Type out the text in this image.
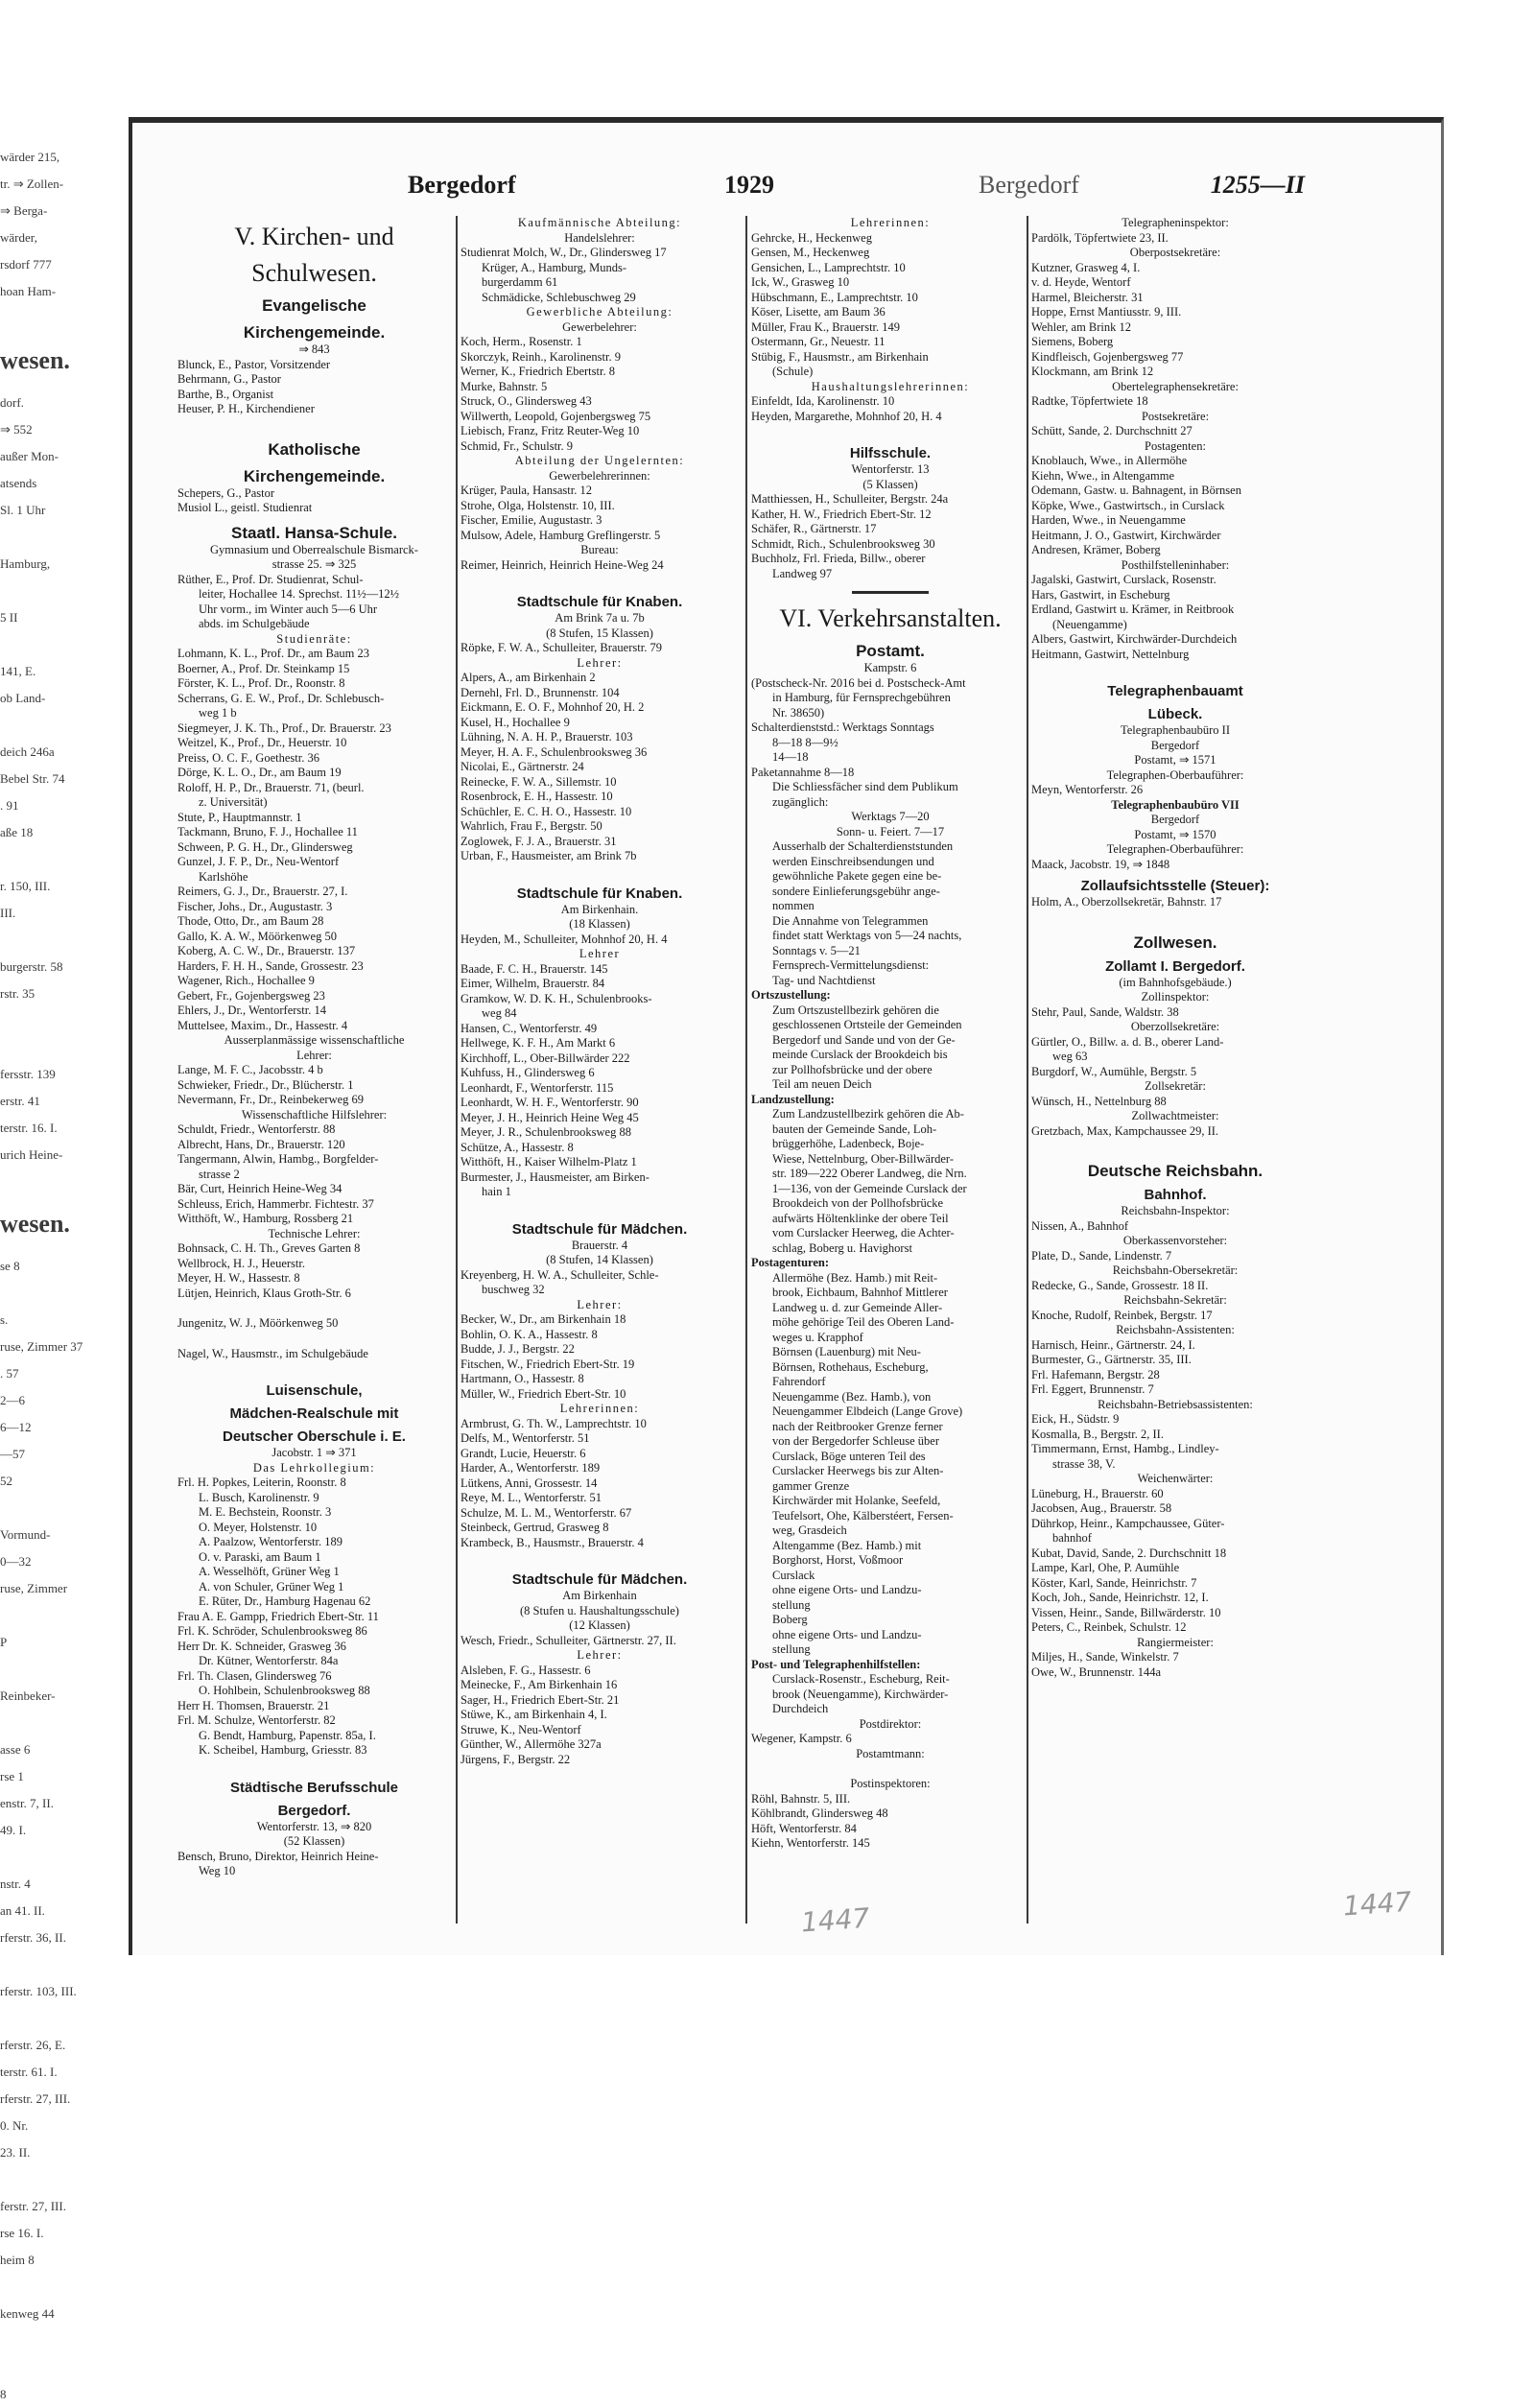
wärder 215,
tr. ⇒ Zollen-
⇒ Berga-
wärder,
rsdorf 777
hoan Ham-

wesen.
dorf.
⇒ 552
außer Mon-
atsends
Sl. 1 Uhr

Hamburg,

5 II

141, E.
ob Land-

deich 246a
Bebel Str. 74
. 91
aße 18

r. 150, III.
III.

burgerstr. 58
rstr. 35

fersstr. 139
erstr. 41
terstr. 16. I.
urich Heine-

wesen.
se 8

s.
ruse, Zimmer 37
. 57
2—6
6—12
—57
52

Vormund-
0—32
ruse, Zimmer

P

Reinbeker-

asse 6
rse 1
enstr. 7, II.
49. I.

nstr. 4
an 41. II.
rferstr. 36, II.

rferstr. 103, III.

rferstr. 26, E.
terstr. 61. I.
rferstr. 27, III.
0. Nr.
23. II.

ferstr. 27, III.
rse 16. I.
heim 8

kenweg 44

8
Bergedorf	1929	Bergedorf	1255—II
V. Kirchen- und
Schulwesen.
Evangelische
Kirchengemeinde.
⇒ 843
Blunck, E., Pastor, Vorsitzender
Behrmann, G., Pastor
Barthe, B., Organist
Heuser, P. H., Kirchendiener
Katholische
Kirchengemeinde.
Schepers, G., Pastor
Musiol L., geistl. Studienrat
Staatl. Hansa-Schule.
Gymnasium und Oberrealschule Bismarck-
strasse 25. ⇒ 325
Rüther, E., Prof. Dr. Studienrat, Schul-
leiter, Hochallee 14. Sprechst. 11½—12½
Uhr vorm., im Winter auch 5—6 Uhr
abds. im Schulgebäude
Studienräte:
Lohmann, K. L., Prof. Dr., am Baum 23
Boerner, A., Prof. Dr. Steinkamp 15
Förster, K. L., Prof. Dr., Roonstr. 8
Scherrans, G. E. W., Prof., Dr. Schlebusch-
weg 1 b
Siegmeyer, J. K. Th., Prof., Dr. Brauerstr. 23
Weitzel, K., Prof., Dr., Heuerstr. 10
Preiss, O. C. F., Goethestr. 36
Dörge, K. L. O., Dr., am Baum 19
Roloff, H. P., Dr., Brauerstr. 71, (beurl.
z. Universität)
Stute, P., Hauptmannstr. 1
Tackmann, Bruno, F. J., Hochallee 11
Schween, P. G. H., Dr., Glindersweg
Gunzel, J. F. P., Dr., Neu-Wentorf
Karlshöhe
Reimers, G. J., Dr., Brauerstr. 27, I.
Fischer, Johs., Dr., Augustastr. 3
Thode, Otto, Dr., am Baum 28
Gallo, K. A. W., Möörkenweg 50
Koberg, A. C. W., Dr., Brauerstr. 137
Harders, F. H. H., Sande, Grossestr. 23
Wagener, Rich., Hochallee 9
Gebert, Fr., Gojenbergsweg 23
Ehlers, J., Dr., Wentorferstr. 14
Muttelsee, Maxim., Dr., Hassestr. 4
Ausserplanmässige wissenschaftliche
Lehrer:
Lange, M. F. C., Jacobsstr. 4 b
Schwieker, Friedr., Dr., Blücherstr. 1
Nevermann, Fr., Dr., Reinbekerweg 69
Wissenschaftliche Hilfslehrer:
Schuldt, Friedr., Wentorferstr. 88
Albrecht, Hans, Dr., Brauerstr. 120
Tangermann, Alwin, Hambg., Borgfelder-
strasse 2
Bär, Curt, Heinrich Heine-Weg 34
Schleuss, Erich, Hammerbr. Fichtestr. 37
Witthöft, W., Hamburg, Rossberg 21
Technische Lehrer:
Bohnsack, C. H. Th., Greves Garten 8
Wellbrock, H. J., Heuerstr.
Meyer, H. W., Hassestr. 8
Lütjen, Heinrich, Klaus Groth-Str. 6
Jungenitz, W. J., Möörkenweg 50
Nagel, W., Hausmstr., im Schulgebäude
Luisenschule,
Mädchen-Realschule mit
Deutscher Oberschule i. E.
Jacobstr. 1 ⇒ 371
Das Lehrkollegium:
Frl. H. Popkes, Leiterin, Roonstr. 8
L. Busch, Karolinenstr. 9
M. E. Bechstein, Roonstr. 3
O. Meyer, Holstenstr. 10
A. Paalzow, Wentorferstr. 189
O. v. Paraski, am Baum 1
A. Wesselhöft, Grüner Weg 1
A. von Schuler, Grüner Weg 1
E. Rüter, Dr., Hamburg Hagenau 62
Frau A. E. Gampp, Friedrich Ebert-Str. 11
Frl. K. Schröder, Schulenbrooksweg 86
Herr Dr. K. Schneider, Grasweg 36
Dr. Kütner, Wentorferstr. 84a
Frl. Th. Clasen, Glindersweg 76
O. Hohlbein, Schulenbrooksweg 88
Herr H. Thomsen, Brauerstr. 21
Frl. M. Schulze, Wentorferstr. 82
G. Bendt, Hamburg, Papenstr. 85a, I.
K. Scheibel, Hamburg, Griesstr. 83
Städtische Berufsschule
Bergedorf.
Wentorferstr. 13, ⇒ 820
(52 Klassen)
Bensch, Bruno, Direktor, Heinrich Heine-
Weg 10
Kaufmännische Abteilung:
Handelslehrer:
Studienrat Molch, W., Dr., Glindersweg 17
Krüger, A., Hamburg, Munds-
burgerdamm 61
Schmädicke, Schlebuschweg 29
Gewerbliche Abteilung:
Gewerbelehrer:
Koch, Herm., Rosenstr. 1
Skorczyk, Reinh., Karolinenstr. 9
Werner, K., Friedrich Ebertstr. 8
Murke, Bahnstr. 5
Struck, O., Glindersweg 43
Willwerth, Leopold, Gojenbergsweg 75
Liebisch, Franz, Fritz Reuter-Weg 10
Schmid, Fr., Schulstr. 9
Abteilung der Ungelernten:
Gewerbelehrerinnen:
Krüger, Paula, Hansastr. 12
Strohe, Olga, Holstenstr. 10, III.
Fischer, Emilie, Augustastr. 3
Mulsow, Adele, Hamburg Greflingerstr. 5
Bureau:
Reimer, Heinrich, Heinrich Heine-Weg 24
Stadtschule für Knaben.
Am Brink 7a u. 7b
(8 Stufen, 15 Klassen)
Röpke, F. W. A., Schulleiter, Brauerstr. 79
Lehrer:
Alpers, A., am Birkenhain 2
Dernehl, Frl. D., Brunnenstr. 104
Eickmann, E. O. F., Mohnhof 20, H. 2
Kusel, H., Hochallee 9
Lühning, N. A. H. P., Brauerstr. 103
Meyer, H. A. F., Schulenbrooksweg 36
Nicolai, E., Gärtnerstr. 24
Reinecke, F. W. A., Sillemstr. 10
Rosenbrock, E. H., Hassestr. 10
Schüchler, E. C. H. O., Hassestr. 10
Wahrlich, Frau F., Bergstr. 50
Zoglowek, F. J. A., Brauerstr. 31
Urban, F., Hausmeister, am Brink 7b
Stadtschule für Knaben.
Am Birkenhain.
(18 Klassen)
Heyden, M., Schulleiter, Mohnhof 20, H. 4
Lehrer
Baade, F. C. H., Brauerstr. 145
Eimer, Wilhelm, Brauerstr. 84
Gramkow, W. D. K. H., Schulenbrooks-
weg 84
Hansen, C., Wentorferstr. 49
Hellwege, K. F. H., Am Markt 6
Kirchhoff, L., Ober-Billwärder 222
Kuhfuss, H., Glindersweg 6
Leonhardt, F., Wentorferstr. 115
Leonhardt, W. H. F., Wentorferstr. 90
Meyer, J. H., Heinrich Heine Weg 45
Meyer, J. R., Schulenbrooksweg 88
Schütze, A., Hassestr. 8
Witthöft, H., Kaiser Wilhelm-Platz 1
Burmester, J., Hausmeister, am Birken-
hain 1
Stadtschule für Mädchen.
Brauerstr. 4
(8 Stufen, 14 Klassen)
Kreyenberg, H. W. A., Schulleiter, Schle-
buschweg 32
Lehrer:
Becker, W., Dr., am Birkenhain 18
Bohlin, O. K. A., Hassestr. 8
Budde, J. J., Bergstr. 22
Fitschen, W., Friedrich Ebert-Str. 19
Hartmann, O., Hassestr. 8
Müller, W., Friedrich Ebert-Str. 10
Lehrerinnen:
Armbrust, G. Th. W., Lamprechtstr. 10
Delfs, M., Wentorferstr. 51
Grandt, Lucie, Heuerstr. 6
Harder, A., Wentorferstr. 189
Lütkens, Anni, Grossestr. 14
Reye, M. L., Wentorferstr. 51
Schulze, M. L. M., Wentorferstr. 67
Steinbeck, Gertrud, Grasweg 8
Krambeck, B., Hausmstr., Brauerstr. 4
Stadtschule für Mädchen.
Am Birkenhain
(8 Stufen u. Haushaltungsschule)
(12 Klassen)
Wesch, Friedr., Schulleiter, Gärtnerstr. 27, II.
Lehrer:
Alsleben, F. G., Hassestr. 6
Meinecke, F., Am Birkenhain 16
Sager, H., Friedrich Ebert-Str. 21
Stüwe, K., am Birkenhain 4, I.
Struwe, K., Neu-Wentorf
Günther, W., Allermöhe 327a
Jürgens, F., Bergstr. 22
Lehrerinnen:
Gehrcke, H., Heckenweg
Gensen, M., Heckenweg
Gensichen, L., Lamprechtstr. 10
Ick, W., Grasweg 10
Hübschmann, E., Lamprechtstr. 10
Köser, Lisette, am Baum 36
Müller, Frau K., Brauerstr. 149
Ostermann, Gr., Neuestr. 11
Stübig, F., Hausmstr., am Birkenhain
(Schule)
Haushaltungslehrerinnen:
Einfeldt, Ida, Karolinenstr. 10
Heyden, Margarethe, Mohnhof 20, H. 4
Hilfsschule.
Wentorferstr. 13
(5 Klassen)
Matthiessen, H., Schulleiter, Bergstr. 24a
Kather, H. W., Friedrich Ebert-Str. 12
Schäfer, R., Gärtnerstr. 17
Schmidt, Rich., Schulenbrooksweg 30
Buchholz, Frl. Frieda, Billw., oberer
Landweg 97
VI. Verkehrsanstalten.
Postamt.
Kampstr. 6
(Postscheck-Nr. 2016 bei d. Postscheck-Amt
in Hamburg, für Fernsprechgebühren
Nr. 38650)
Schalterdienststd.: Werktags Sonntags
8—18 8—9½
14—18
Paketannahme 8—18
Die Schliessfächer sind dem Publikum
zugänglich:
Werktags 7—20
Sonn- u. Feiert. 7—17
Ausserhalb der Schalterdienststunden
werden Einschreibsendungen und
gewöhnliche Pakete gegen eine be-
sondere Einlieferungsgebühr ange-
nommen
Die Annahme von Telegrammen
findet statt Werktags von 5—24 nachts,
Sonntags v. 5—21
Fernsprech-Vermittelungsdienst:
Tag- und Nachtdienst
Ortszustellung:
Zum Ortszustellbezirk gehören die
geschlossenen Ortsteile der Gemeinden
Bergedorf und Sande und von der Ge-
meinde Curslack der Brookdeich bis
zur Pollhofsbrücke und der obere
Teil am neuen Deich
Landzustellung:
Zum Landzustellbezirk gehören die Ab-
bauten der Gemeinde Sande, Loh-
brüggerhöhe, Ladenbeck, Boje-
Wiese, Nettelnburg, Ober-Billwärder-
str. 189—222 Oberer Landweg, die Nrn.
1—136, von der Gemeinde Curslack der
Brookdeich von der Pollhofsbrücke
aufwärts Höltenklinke der obere Teil
vom Curslacker Heerweg, die Achter-
schlag, Boberg u. Havighorst
Postagenturen:
Allermöhe (Bez. Hamb.) mit Reit-
brook, Eichbaum, Bahnhof Mittlerer
Landweg u. d. zur Gemeinde Aller-
möhe gehörige Teil des Oberen Land-
weges u. Krapphof
Börnsen (Lauenburg) mit Neu-
Börnsen, Rothehaus, Escheburg,
Fahrendorf
Neuengamme (Bez. Hamb.), von
Neuengammer Elbdeich (Lange Grove)
nach der Reitbrooker Grenze ferner
von der Bergedorfer Schleuse über
Curslack, Böge unteren Teil des
Curslacker Heerwegs bis zur Alten-
gammer Grenze
Kirchwärder mit Holanke, Seefeld,
Teufelsort, Ohe, Kälberstéert, Fersen-
weg, Grasdeich
Altengamme (Bez. Hamb.) mit
Borghorst, Horst, Voßmoor
Curslack
ohne eigene Orts- und Landzu-
stellung
Boberg
ohne eigene Orts- und Landzu-
stellung
Post- und Telegraphenhilfstellen:
Curslack-Rosenstr., Escheburg, Reit-
brook (Neuengamme), Kirchwärder-
Durchdeich
Postdirektor:
Wegener, Kampstr. 6
Postamtmann:
Postinspektoren:
Röhl, Bahnstr. 5, III.
Köhlbrandt, Glindersweg 48
Höft, Wentorferstr. 84
Kiehn, Wentorferstr. 145
Telegrapheninspektor:
Pardölk, Töpfertwiete 23, II.
Oberpostsekretäre:
Kutzner, Grasweg 4, I.
v. d. Heyde, Wentorf
Harmel, Bleicherstr. 31
Hoppe, Ernst Mantiusstr. 9, III.
Wehler, am Brink 12
Siemens, Boberg
Kindfleisch, Gojenbergsweg 77
Klockmann, am Brink 12
Obertelegraphensekretäre:
Radtke, Töpfertwiete 18
Postsekretäre:
Schütt, Sande, 2. Durchschnitt 27
Postagenten:
Knoblauch, Wwe., in Allermöhe
Kiehn, Wwe., in Altengamme
Odemann, Gastw. u. Bahnagent, in Börnsen
Köpke, Wwe., Gastwirtsch., in Curslack
Harden, Wwe., in Neuengamme
Heitmann, J. O., Gastwirt, Kirchwärder
Andresen, Krämer, Boberg
Posthilfstelleninhaber:
Jagalski, Gastwirt, Curslack, Rosenstr.
Hars, Gastwirt, in Escheburg
Erdland, Gastwirt u. Krämer, in Reitbrook
(Neuengamme)
Albers, Gastwirt, Kirchwärder-Durchdeich
Heitmann, Gastwirt, Nettelnburg
Telegraphenbauamt
Lübeck.
Telegraphenbaubüro II
Bergedorf
Postamt, ⇒ 1571
Telegraphen-Oberbauführer:
Meyn, Wentorferstr. 26
Telegraphenbaubüro VII
Bergedorf
Postamt, ⇒ 1570
Telegraphen-Oberbauführer:
Maack, Jacobstr. 19, ⇒ 1848
Zollaufsichtsstelle (Steuer):
Holm, A., Oberzollsekretär, Bahnstr. 17
Zollwesen.
Zollamt I. Bergedorf.
(im Bahnhofsgebäude.)
Zollinspektor:
Stehr, Paul, Sande, Waldstr. 38
Oberzollsekretäre:
Gürtler, O., Billw. a. d. B., oberer Land-
weg 63
Burgdorf, W., Aumühle, Bergstr. 5
Zollsekretär:
Wünsch, H., Nettelnburg 88
Zollwachtmeister:
Gretzbach, Max, Kampchaussee 29, II.
Deutsche Reichsbahn.
Bahnhof.
Reichsbahn-Inspektor:
Nissen, A., Bahnhof
Oberkassenvorsteher:
Plate, D., Sande, Lindenstr. 7
Reichsbahn-Obersekretär:
Redecke, G., Sande, Grossestr. 18 II.
Reichsbahn-Sekretär:
Knoche, Rudolf, Reinbek, Bergstr. 17
Reichsbahn-Assistenten:
Harnisch, Heinr., Gärtnerstr. 24, I.
Burmester, G., Gärtnerstr. 35, III.
Frl. Hafemann, Bergstr. 28
Frl. Eggert, Brunnenstr. 7
Reichsbahn-Betriebsassistenten:
Eick, H., Südstr. 9
Kosmalla, B., Bergstr. 2, II.
Timmermann, Ernst, Hambg., Lindley-
strasse 38, V.
Weichenwärter:
Lüneburg, H., Brauerstr. 60
Jacobsen, Aug., Brauerstr. 58
Dührkop, Heinr., Kampchaussee, Güter-
bahnhof
Kubat, David, Sande, 2. Durchschnitt 18
Lampe, Karl, Ohe, P. Aumühle
Köster, Karl, Sande, Heinrichstr. 7
Koch, Joh., Sande, Heinrichstr. 12, I.
Vissen, Heinr., Sande, Billwärderstr. 10
Peters, C., Reinbek, Schulstr. 12
Rangiermeister:
Miljes, H., Sande, Winkelstr. 7
Owe, W., Brunnenstr. 144a
1447	1447
